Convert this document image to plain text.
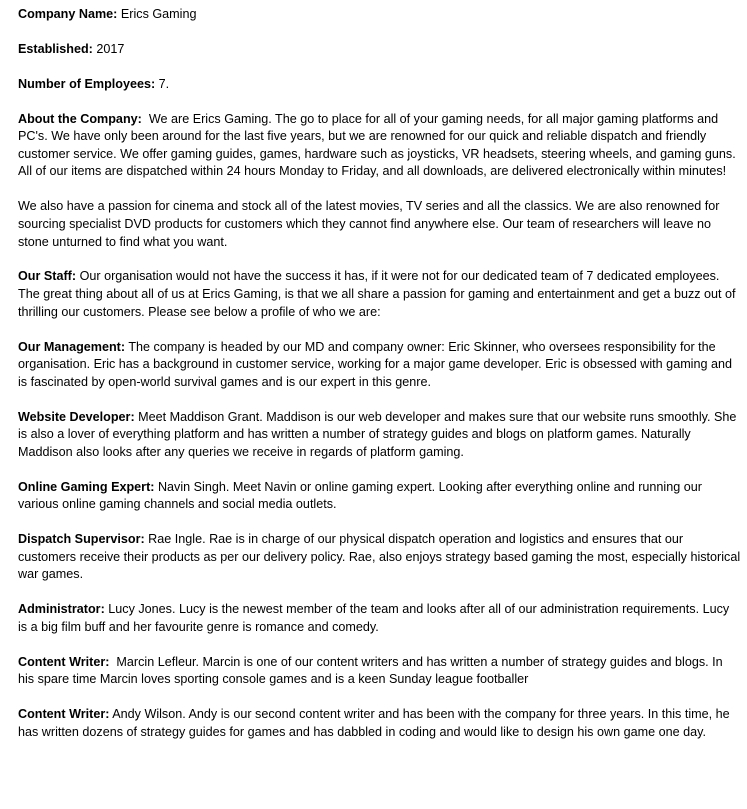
Company Name: Erics Gaming

Established: 2017

Number of Employees: 7.

About the Company: We are Erics Gaming. The go to place for all of your gaming needs, for all major gaming platforms and PC's. We have only been around for the last five years, but we are renowned for our quick and reliable dispatch and friendly customer service. We offer gaming guides, games, hardware such as joysticks, VR headsets, steering wheels, and gaming guns. All of our items are dispatched within 24 hours Monday to Friday, and all downloads, are delivered electronically within minutes!

We also have a passion for cinema and stock all of the latest movies, TV series and all the classics. We are also renowned for sourcing specialist DVD products for customers which they cannot find anywhere else. Our team of researchers will leave no stone unturned to find what you want.

Our Staff: Our organisation would not have the success it has, if it were not for our dedicated team of 7 dedicated employees. The great thing about all of us at Erics Gaming, is that we all share a passion for gaming and entertainment and get a buzz out of thrilling our customers. Please see below a profile of who we are:

Our Management: The company is headed by our MD and company owner: Eric Skinner, who oversees responsibility for the organisation. Eric has a background in customer service, working for a major game developer. Eric is obsessed with gaming and is fascinated by open-world survival games and is our expert in this genre.

Website Developer: Meet Maddison Grant. Maddison is our web developer and makes sure that our website runs smoothly. She is also a lover of everything platform and has written a number of strategy guides and blogs on platform games. Naturally Maddison also looks after any queries we receive in regards of platform gaming.

Online Gaming Expert: Navin Singh. Meet Navin or online gaming expert. Looking after everything online and running our various online gaming channels and social media outlets.

Dispatch Supervisor: Rae Ingle. Rae is in charge of our physical dispatch operation and logistics and ensures that our customers receive their products as per our delivery policy. Rae, also enjoys strategy based gaming the most, especially historical war games.

Administrator: Lucy Jones. Lucy is the newest member of the team and looks after all of our administration requirements. Lucy is a big film buff and her favourite genre is romance and comedy.

Content Writer: Marcin Lefleur. Marcin is one of our content writers and has written a number of strategy guides and blogs. In his spare time Marcin loves sporting console games and is a keen Sunday league footballer

Content Writer: Andy Wilson. Andy is our second content writer and has been with the company for three years. In this time, he has written dozens of strategy guides for games and has dabbled in coding and would like to design his own game one day.
